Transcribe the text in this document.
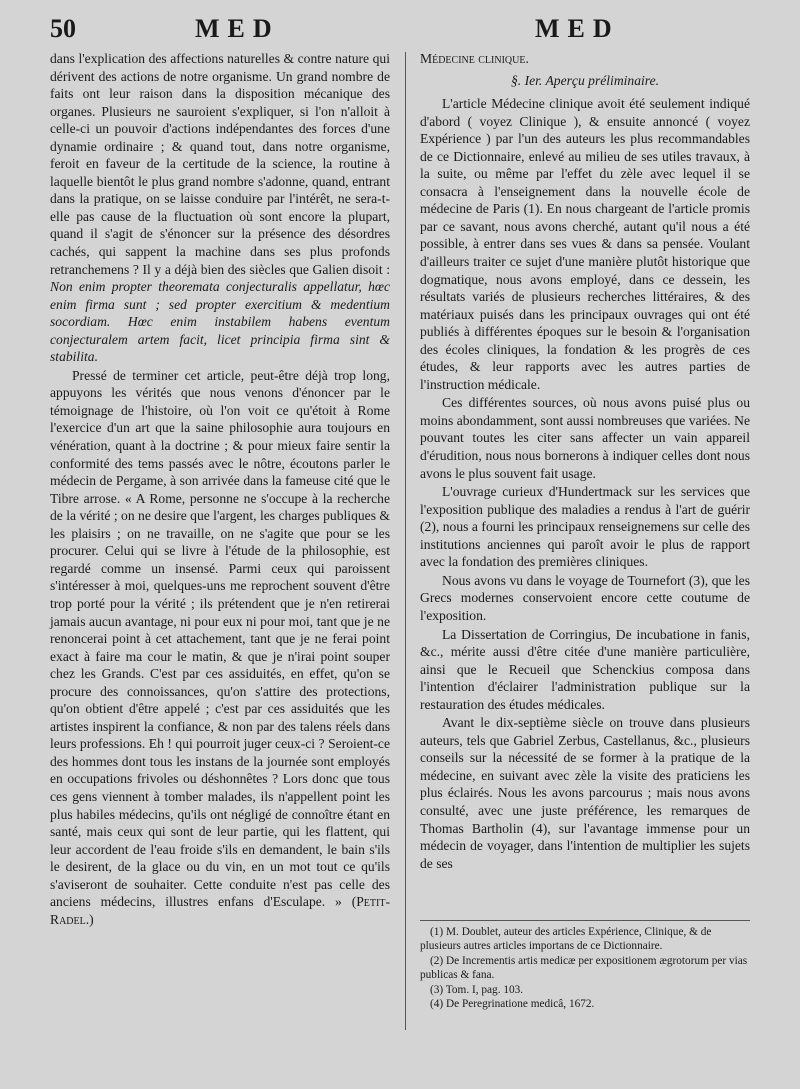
50	MED	MED

dans l'explication des affections naturelles & contre nature qui dérivent des actions de notre organisme. Un grand nombre de faits ont leur raison dans la disposition mécanique des organes. Plusieurs ne sauroient s'expliquer, si l'on n'alloit à celle-ci un pouvoir d'actions indépendantes des forces d'une dynamie ordinaire ; & quand tout, dans notre organisme, feroit en faveur de la certitude de la science, la routine à laquelle bientôt le plus grand nombre s'adonne, quand, entrant dans la pratique, on se laisse conduire par l'intérêt, ne sera-t-elle pas cause de la fluctuation où sont encore la plupart, quand il s'agit de s'énoncer sur la présence des désordres cachés, qui sappent la machine dans ses plus profonds retranchemens ? Il y a déjà bien des siècles que Galien disoit : Non enim propter theoremata conjecturalis appellatur, hœc enim firma sunt ; sed propter exercitium & medentium socordiam. Hœc enim instabilem habens eventum conjecturalem artem facit, licet principia firma sint & stabilita.

Pressé de terminer cet article, peut-être déjà trop long, appuyons les vérités que nous venons d'énoncer par le témoignage de l'histoire, où l'on voit ce qu'étoit à Rome l'exercice d'un art que la saine philosophie aura toujours en vénération, quant à la doctrine ; & pour mieux faire sentir la conformité des tems passés avec le nôtre, écoutons parler le médecin de Pergame, à son arrivée dans la fameuse cité que le Tibre arrose. « A Rome, personne ne s'occupe à la recherche de la vérité ; on ne desire que l'argent, les charges publiques & les plaisirs ; on ne travaille, on ne s'agite que pour se les procurer. Celui qui se livre à l'étude de la philosophie, est regardé comme un insensé. Parmi ceux qui paroissent s'intéresser à moi, quelques-uns me reprochent souvent d'être trop porté pour la vérité ; ils prétendent que je n'en retirerai jamais aucun avantage, ni pour eux ni pour moi, tant que je ne renoncerai point à cet attachement, tant que je ne ferai point exact à faire ma cour le matin, & que je n'irai point souper chez les Grands. C'est par ces assiduités, en effet, qu'on se procure des connoissances, qu'on s'attire des protections, qu'on obtient d'être appelé ; c'est par ces assiduités que les artistes inspirent la confiance, & non par des talens réels dans leurs professions. Eh ! qui pourroit juger ceux-ci ? Seroient-ce des hommes dont tous les instans de la journée sont employés en occupations frivoles ou déshonnêtes ? Lors donc que tous ces gens viennent à tomber malades, ils n'appellent point les plus habiles médecins, qu'ils ont négligé de connoître étant en santé, mais ceux qui sont de leur partie, qui les flattent, qui leur accordent de l'eau froide s'ils en demandent, le bain s'ils le desirent, de la glace ou du vin, en un mot tout ce qu'ils s'aviseront de souhaiter. Cette conduite n'est pas celle des anciens médecins, illustres enfans d'Esculape. » (Petit-Radel.)

Médecine clinique.

§. Ier. Aperçu préliminaire.

L'article Médecine clinique avoit été seulement indiqué d'abord ( voyez Clinique ), & ensuite annoncé ( voyez Expérience ) par l'un des auteurs les plus recommandables de ce Dictionnaire, enlevé au milieu de ses utiles travaux, à la suite, ou même par l'effet du zèle avec lequel il se consacra à l'enseignement dans la nouvelle école de médecine de Paris (1). En nous chargeant de l'article promis par ce savant, nous avons cherché, autant qu'il nous a été possible, à entrer dans ses vues & dans sa pensée. Voulant d'ailleurs traiter ce sujet d'une manière plutôt historique que dogmatique, nous avons employé, dans ce dessein, les résultats variés de plusieurs recherches littéraires, & des matériaux puisés dans les principaux ouvrages qui ont été publiés à différentes époques sur le besoin & l'organisation des écoles cliniques, la fondation & les progrès de ces études, & leur rapports avec les autres parties de l'instruction médicale.

Ces différentes sources, où nous avons puisé plus ou moins abondamment, sont aussi nombreuses que variées. Ne pouvant toutes les citer sans affecter un vain appareil d'érudition, nous nous bornerons à indiquer celles dont nous avons le plus souvent fait usage.

L'ouvrage curieux d'Hundertmack sur les services que l'exposition publique des maladies a rendus à l'art de guérir (2), nous a fourni les principaux renseignemens sur celle des institutions anciennes qui paroît avoir le plus de rapport avec la fondation des premières cliniques.

Nous avons vu dans le voyage de Tournefort (3), que les Grecs modernes conservoient encore cette coutume de l'exposition.

La Dissertation de Corringius, De incubatione in fanis, &c., mérite aussi d'être citée d'une manière particulière, ainsi que le Recueil que Schenckius composa dans l'intention d'éclairer l'administration publique sur la restauration des études médicales.

Avant le dix-septième siècle on trouve dans plusieurs auteurs, tels que Gabriel Zerbus, Castellanus, &c., plusieurs conseils sur la nécessité de se former à la pratique de la médecine, en suivant avec zèle la visite des praticiens les plus éclairés. Nous les avons parcourus ; mais nous avons consulté, avec une juste préférence, les remarques de Thomas Bartholin (4), sur l'avantage immense pour un médecin de voyager, dans l'intention de multiplier les sujets de ses

(1) M. Doublet, auteur des articles Expérience, Clinique, & de plusieurs autres articles importans de ce Dictionnaire.

(2) De Incrementis artis medicæ per expositionem ægrotorum per vias publicas & fana.

(3) Tom. I, pag. 103.

(4) De Peregrinatione medicâ, 1672.
